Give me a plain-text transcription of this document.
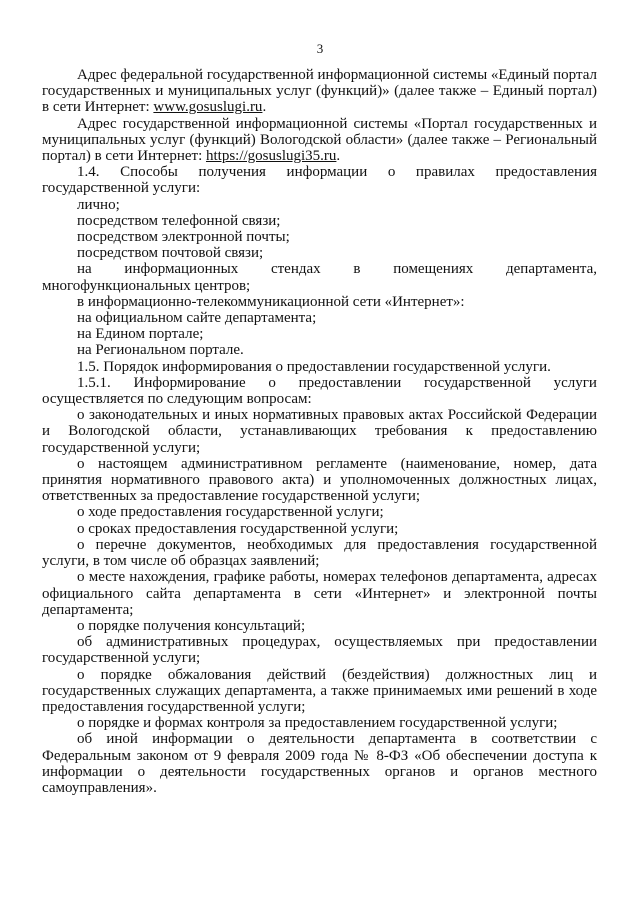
3

Адрес федеральной государственной информационной системы «Единый портал государственных и муниципальных услуг (функций)» (далее также – Единый портал) в сети Интернет: www.gosuslugi.ru.

Адрес государственной информационной системы «Портал государственных и муниципальных услуг (функций) Вологодской области» (далее также – Региональный портал) в сети Интернет: https://gosuslugi35.ru.

1.4. Способы получения информации о правилах предоставления

государственной услуги:

лично;

посредством телефонной связи;

посредством электронной почты;

посредством почтовой связи;

на информационных стендах в помещениях департамента,

многофункциональных центров;

в информационно-телекоммуникационной сети «Интернет»:

на официальном сайте департамента;

на Едином портале;

на Региональном портале.

1.5. Порядок информирования о предоставлении государственной услуги.

1.5.1. Информирование о предоставлении государственной услуги

осуществляется по следующим вопросам:

о законодательных и иных нормативных правовых актах Российской Федерации и Вологодской области, устанавливающих требования к предоставлению государственной услуги;

о настоящем административном регламенте (наименование, номер, дата принятия нормативного правового акта) и уполномоченных должностных лицах, ответственных за предоставление государственной услуги;

о ходе предоставления государственной услуги;

о сроках предоставления государственной услуги;

о перечне документов, необходимых для предоставления государственной услуги, в том числе об образцах заявлений;

о месте нахождения, графике работы, номерах телефонов департамента, адресах официального сайта департамента в сети «Интернет» и электронной почты департамента;

о порядке получения консультаций;

об административных процедурах, осуществляемых при предоставлении государственной услуги;

о порядке обжалования действий (бездействия) должностных лиц и государственных служащих департамента, а также принимаемых ими решений в ходе предоставления государственной услуги;

о порядке и формах контроля за предоставлением государственной услуги;

об иной информации о деятельности департамента в соответствии с Федеральным законом от 9 февраля 2009 года № 8-ФЗ «Об обеспечении доступа к информации о деятельности государственных органов и органов местного самоуправления».
